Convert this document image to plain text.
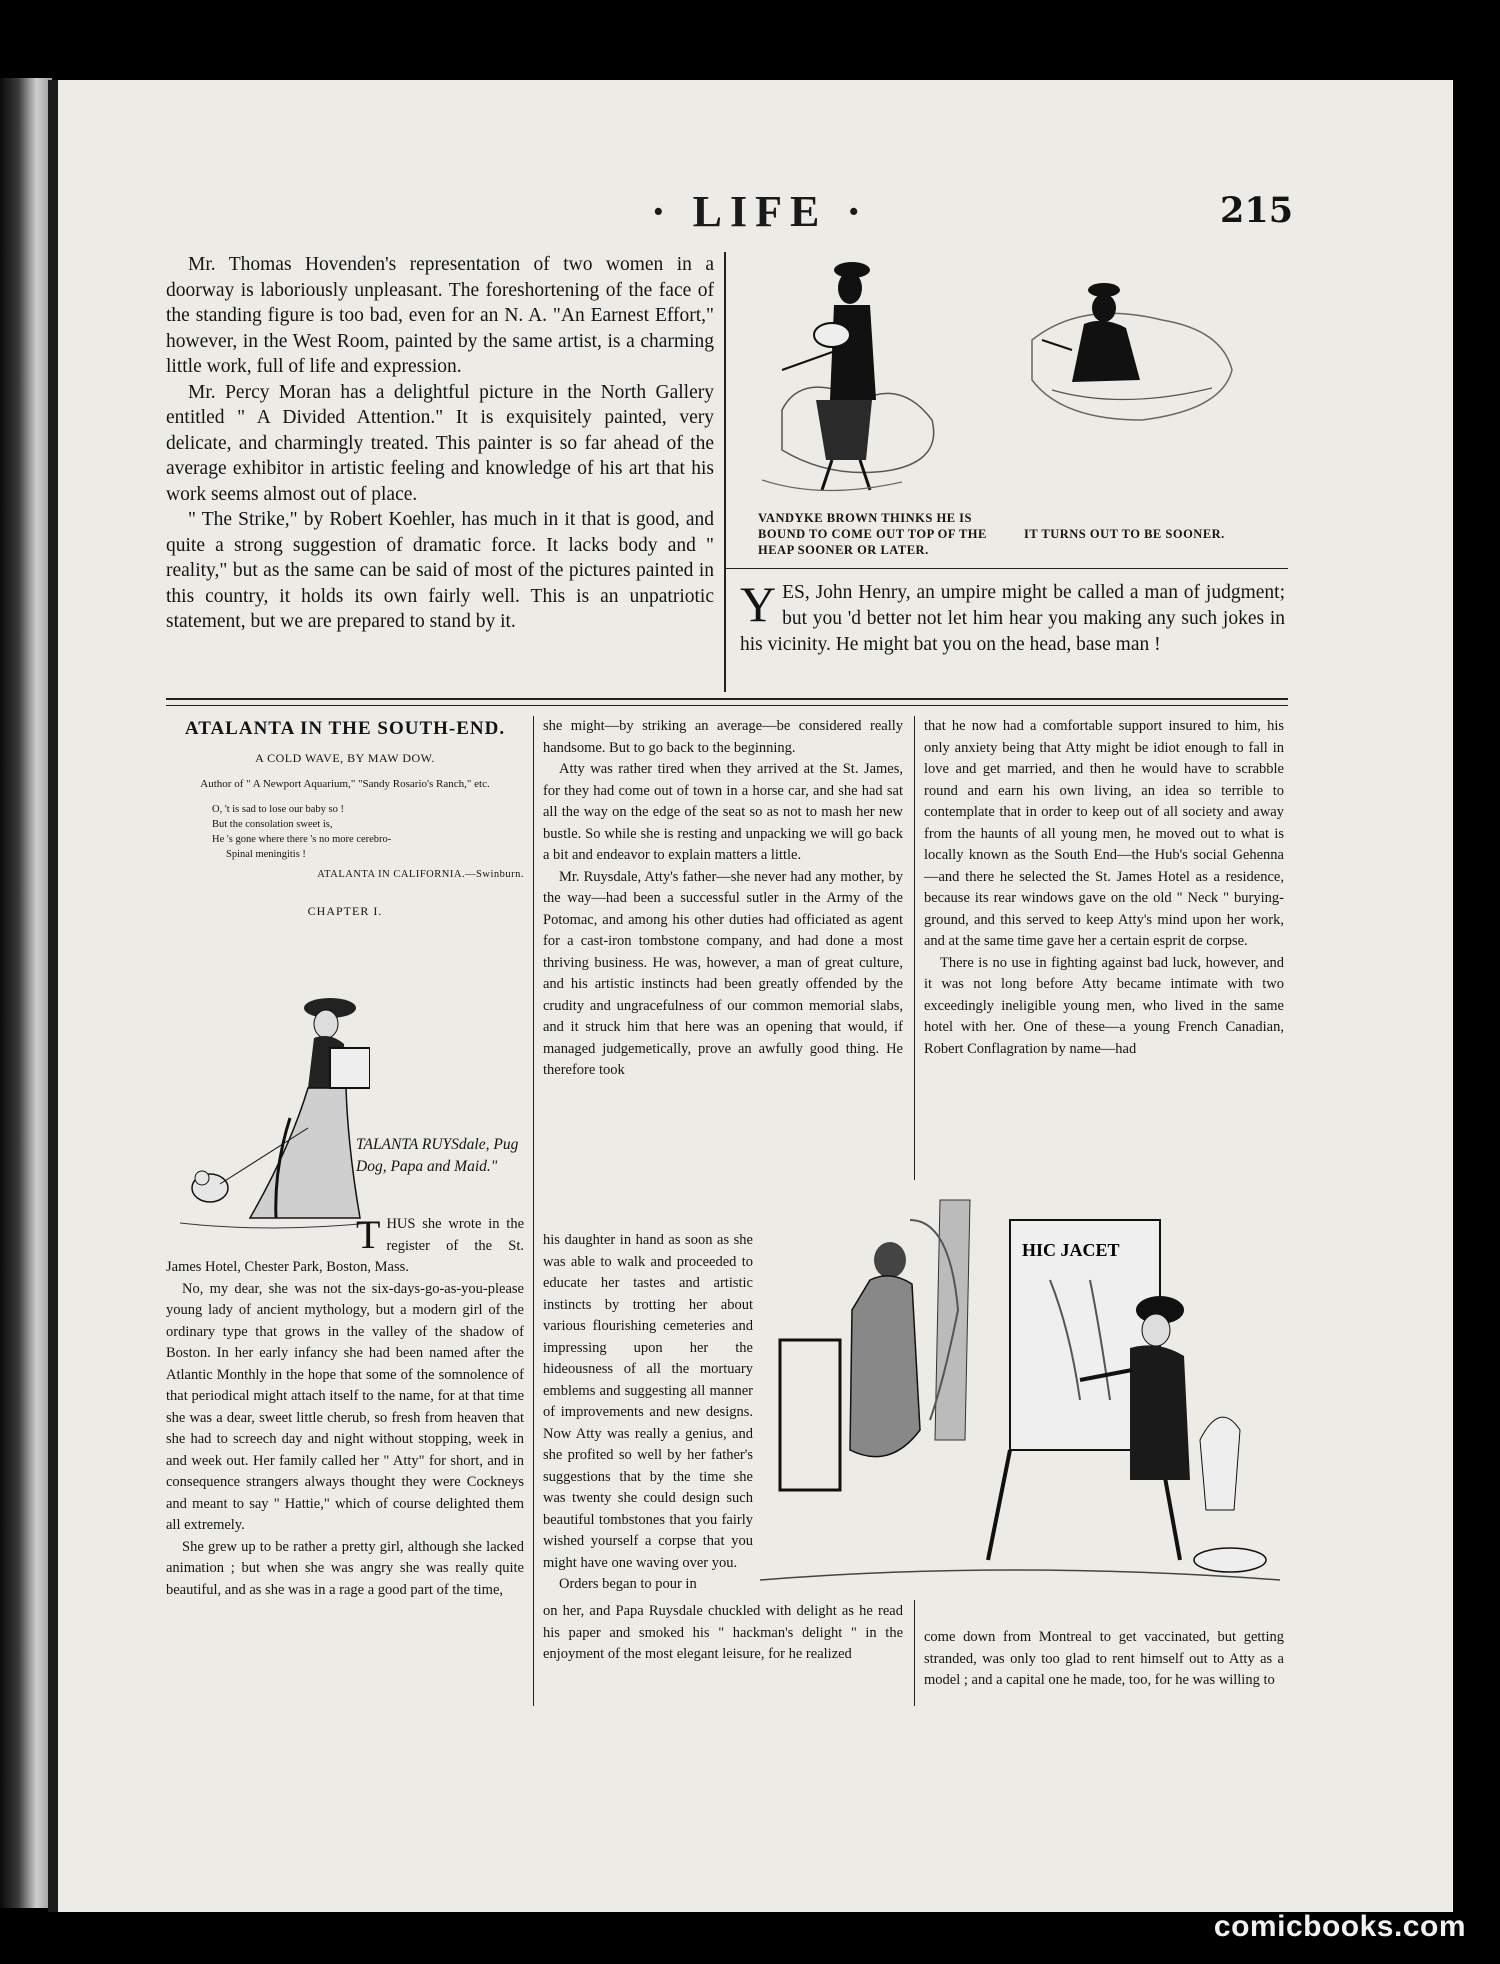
· LIFE ·	215

Mr. Thomas Hovenden's representation of two women in a doorway is laboriously unpleasant. The foreshortening of the face of the standing figure is too bad, even for an N. A. "An Earnest Effort," however, in the West Room, painted by the same artist, is a charming little work, full of life and expression.

Mr. Percy Moran has a delightful picture in the North Gallery entitled " A Divided Attention." It is exquisitely painted, very delicate, and charmingly treated. This painter is so far ahead of the average exhibitor in artistic feeling and knowledge of his art that his work seems almost out of place.

" The Strike," by Robert Koehler, has much in it that is good, and quite a strong suggestion of dramatic force. It lacks body and " reality," but as the same can be said of most of the pictures painted in this country, it holds its own fairly well. This is an unpatriotic statement, but we are prepared to stand by it.

VANDYKE BROWN THINKS HE IS BOUND TO COME OUT TOP OF THE HEAP SOONER OR LATER.
IT TURNS OUT TO BE SOONER.
YES, John Henry, an umpire might be called a man of judgment; but you 'd better not let him hear you making any such jokes in his vicinity. He might bat you on the head, base man !
ATALANTA IN THE SOUTH-END.
A COLD WAVE, BY MAW DOW.
Author of " A Newport Aquarium," "Sandy Rosario's Ranch," etc.
O, 't is sad to lose our baby so !
But the consolation sweet is,
He 's gone where there 's no more cerebro-
Spinal meningitis !
ATALANTA IN CALIFORNIA.—Swinburn.
CHAPTER I.
TALANTA RUYSdale, Pug Dog, Papa and Maid."

THUS she wrote in the register of the St. James Hotel, Chester Park, Boston, Mass.

No, my dear, she was not the six-days-go-as-you-please young lady of ancient mythology, but a modern girl of the ordinary type that grows in the valley of the shadow of Boston. In her early infancy she had been named after the Atlantic Monthly in the hope that some of the somnolence of that periodical might attach itself to the name, for at that time she was a dear, sweet little cherub, so fresh from heaven that she had to screech day and night without stopping, week in and week out. Her family called her " Atty" for short, and in consequence strangers always thought they were Cockneys and meant to say " Hattie," which of course delighted them all extremely.

She grew up to be rather a pretty girl, although she lacked animation ; but when she was angry she was really quite beautiful, and as she was in a rage a good part of the time,

she might—by striking an average—be considered really handsome. But to go back to the beginning.

Atty was rather tired when they arrived at the St. James, for they had come out of town in a horse car, and she had sat all the way on the edge of the seat so as not to mash her new bustle. So while she is resting and unpacking we will go back a bit and endeavor to explain matters a little.

Mr. Ruysdale, Atty's father—she never had any mother, by the way—had been a successful sutler in the Army of the Potomac, and among his other duties had officiated as agent for a cast-iron tombstone company, and had done a most thriving business. He was, however, a man of great culture, and his artistic instincts had been greatly offended by the crudity and ungracefulness of our common memorial slabs, and it struck him that here was an opening that would, if managed judgemetically, prove an awfully good thing. He therefore took

his daughter in hand as soon as she was able to walk and proceeded to educate her tastes and artistic instincts by trotting her about various flourishing cemeteries and impressing upon her the hideousness of all the mortuary emblems and suggesting all manner of improvements and new designs. Now Atty was really a genius, and she profited so well by her father's suggestions that by the time she was twenty she could design such beautiful tombstones that you fairly wished yourself a corpse that you might have one waving over you.

Orders began to pour in

on her, and Papa Ruysdale chuckled with delight as he read his paper and smoked his " hackman's delight " in the enjoyment of the most elegant leisure, for he realized

that he now had a comfortable support insured to him, his only anxiety being that Atty might be idiot enough to fall in love and get married, and then he would have to scrabble round and earn his own living, an idea so terrible to contemplate that in order to keep out of all society and away from the haunts of all young men, he moved out to what is locally known as the South End—the Hub's social Gehenna—and there he selected the St. James Hotel as a residence, because its rear windows gave on the old " Neck " burying-ground, and this served to keep Atty's mind upon her work, and at the same time gave her a certain esprit de corpse.

There is no use in fighting against bad luck, however, and it was not long before Atty became intimate with two exceedingly ineligible young men, who lived in the same hotel with her. One of these—a young French Canadian, Robert Conflagration by name—had

HIC JACET

come down from Montreal to get vaccinated, but getting stranded, was only too glad to rent himself out to Atty as a model ; and a capital one he made, too, for he was willing to

comicbooks.com
